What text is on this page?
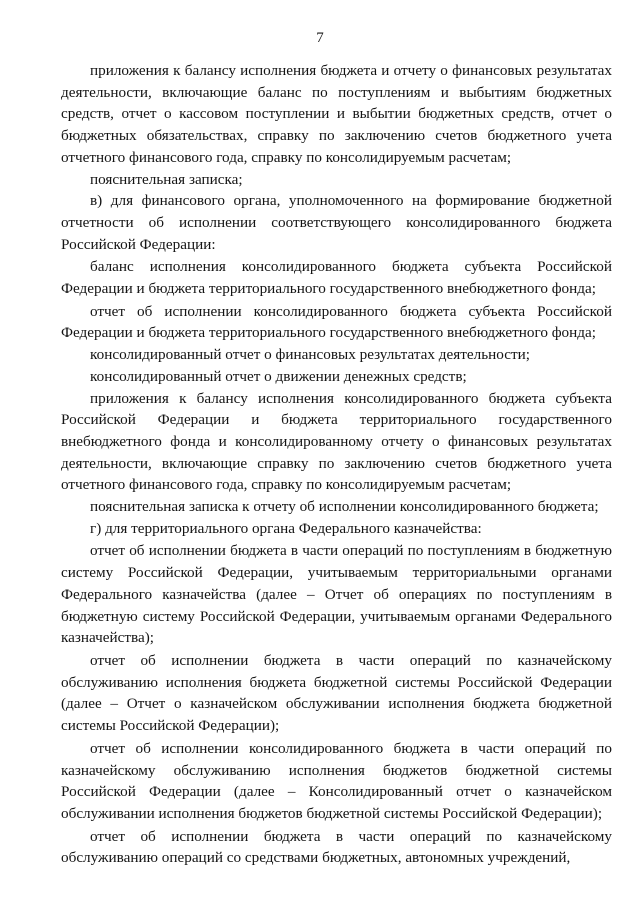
7

приложения к балансу исполнения бюджета и отчету о финансовых результатах деятельности, включающие баланс по поступлениям и выбытиям бюджетных средств, отчет о кассовом поступлении и выбытии бюджетных средств, отчет о бюджетных обязательствах, справку по заключению счетов бюджетного учета отчетного финансового года, справку по консолидируемым расчетам;

пояснительная записка;

в) для финансового органа, уполномоченного на формирование бюджетной отчетности об исполнении соответствующего консолидированного бюджета Российской Федерации:

баланс исполнения консолидированного бюджета субъекта Российской Федерации и бюджета территориального государственного внебюджетного фонда;

отчет об исполнении консолидированного бюджета субъекта Российской Федерации и бюджета территориального государственного внебюджетного фонда;

консолидированный отчет о финансовых результатах деятельности;

консолидированный отчет о движении денежных средств;

приложения к балансу исполнения консолидированного бюджета субъекта Российской Федерации и бюджета территориального государственного внебюджетного фонда и консолидированному отчету о финансовых результатах деятельности, включающие справку по заключению счетов бюджетного учета отчетного финансового года, справку по консолидируемым расчетам;

пояснительная записка к отчету об исполнении консолидированного бюджета;

г) для территориального органа Федерального казначейства:

отчет об исполнении бюджета в части операций по поступлениям в бюджетную систему Российской Федерации, учитываемым территориальными органами Федерального казначейства (далее – Отчет об операциях по поступлениям в бюджетную систему Российской Федерации, учитываемым органами Федерального казначейства);

отчет об исполнении бюджета в части операций по казначейскому обслуживанию исполнения бюджета бюджетной системы Российской Федерации (далее – Отчет о казначейском обслуживании исполнения бюджета бюджетной системы Российской Федерации);

отчет об исполнении консолидированного бюджета в части операций по казначейскому обслуживанию исполнения бюджетов бюджетной системы Российской Федерации (далее – Консолидированный отчет о казначейском обслуживании исполнения бюджетов бюджетной системы Российской Федерации);

отчет об исполнении бюджета в части операций по казначейскому обслуживанию операций со средствами бюджетных, автономных учреждений,
